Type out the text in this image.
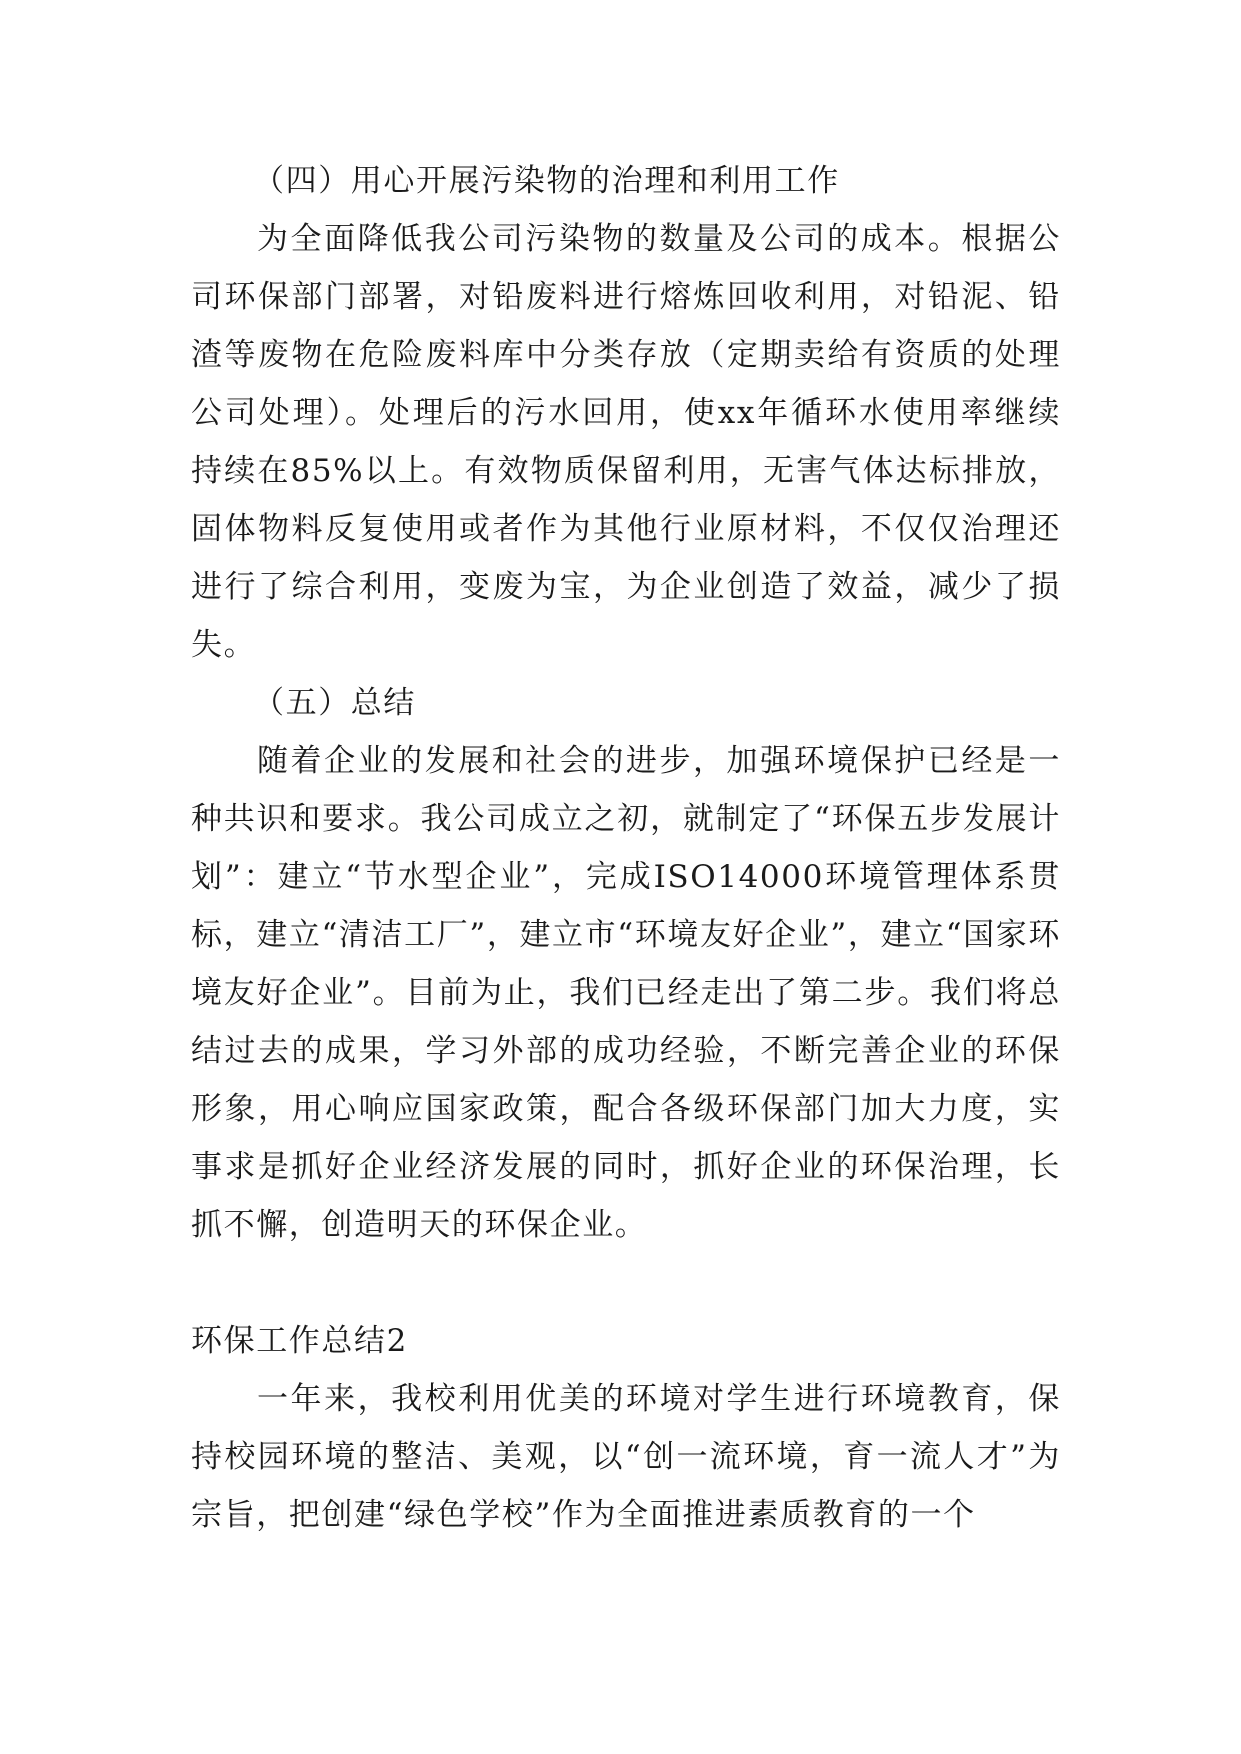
（四）用心开展污染物的治理和利用工作

为全面降低我公司污染物的数量及公司的成本。根据公司环保部门部署，对铅废料进行熔炼回收利用，对铅泥、铅渣等废物在危险废料库中分类存放（定期卖给有资质的处理公司处理）。处理后的污水回用，使xx年循环水使用率继续持续在85%以上。有效物质保留利用，无害气体达标排放，固体物料反复使用或者作为其他行业原材料，不仅仅治理还进行了综合利用，变废为宝，为企业创造了效益，减少了损失。

（五）总结

随着企业的发展和社会的进步，加强环境保护已经是一种共识和要求。我公司成立之初，就制定了“环保五步发展计划”：建立“节水型企业”，完成ISO14000环境管理体系贯标，建立“清洁工厂”，建立市“环境友好企业”，建立“国家环境友好企业”。目前为止，我们已经走出了第二步。我们将总结过去的成果，学习外部的成功经验，不断完善企业的环保形象，用心响应国家政策，配合各级环保部门加大力度，实事求是抓好企业经济发展的同时，抓好企业的环保治理，长抓不懈，创造明天的环保企业。

环保工作总结2

一年来，我校利用优美的环境对学生进行环境教育，保持校园环境的整洁、美观，以“创一流环境，育一流人才”为宗旨，把创建“绿色学校”作为全面推进素质教育的一个
